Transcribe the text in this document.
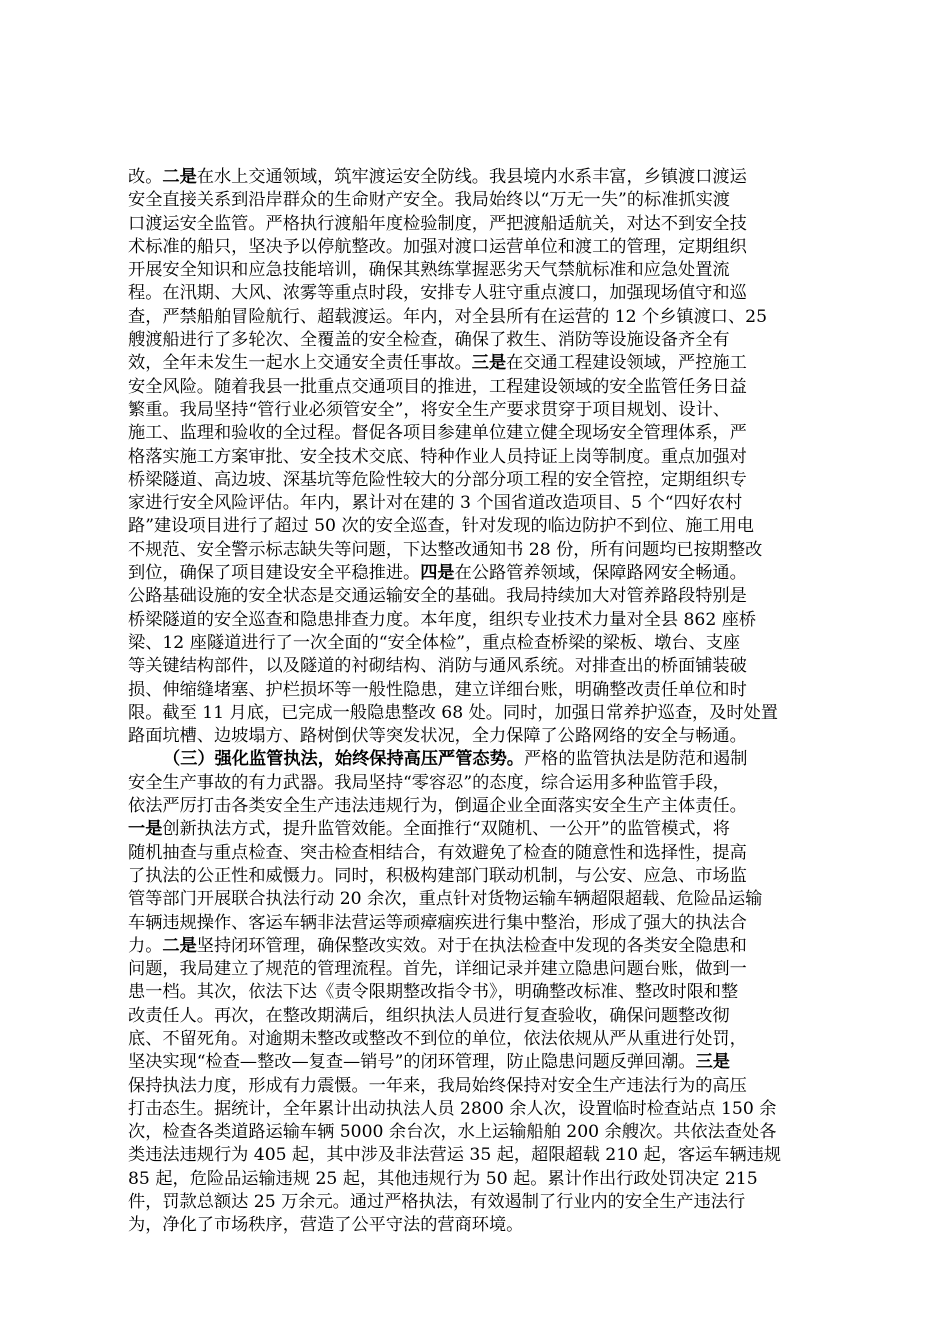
改。二是在水上交通领域，筑牢渡运安全防线。我县境内水系丰富，乡镇渡口渡运
安全直接关系到沿岸群众的生命财产安全。我局始终以“万无一失”的标准抓实渡
口渡运安全监管。严格执行渡船年度检验制度，严把渡船适航关，对达不到安全技
术标准的船只，坚决予以停航整改。加强对渡口运营单位和渡工的管理，定期组织
开展安全知识和应急技能培训，确保其熟练掌握恶劣天气禁航标准和应急处置流
程。在汛期、大风、浓雾等重点时段，安排专人驻守重点渡口，加强现场值守和巡
查，严禁船舶冒险航行、超载渡运。年内，对全县所有在运营的 12 个乡镇渡口、25
艘渡船进行了多轮次、全覆盖的安全检查，确保了救生、消防等设施设备齐全有
效，全年未发生一起水上交通安全责任事故。三是在交通工程建设领域，严控施工
安全风险。随着我县一批重点交通项目的推进，工程建设领域的安全监管任务日益
繁重。我局坚持“管行业必须管安全”，将安全生产要求贯穿于项目规划、设计、
施工、监理和验收的全过程。督促各项目参建单位建立健全现场安全管理体系，严
格落实施工方案审批、安全技术交底、特种作业人员持证上岗等制度。重点加强对
桥梁隧道、高边坡、深基坑等危险性较大的分部分项工程的安全管控，定期组织专
家进行安全风险评估。年内，累计对在建的 3 个国省道改造项目、5 个“四好农村
路”建设项目进行了超过 50 次的安全巡查，针对发现的临边防护不到位、施工用电
不规范、安全警示标志缺失等问题，下达整改通知书 28 份，所有问题均已按期整改
到位，确保了项目建设安全平稳推进。四是在公路管养领域，保障路网安全畅通。
公路基础设施的安全状态是交通运输安全的基础。我局持续加大对管养路段特别是
桥梁隧道的安全巡查和隐患排查力度。本年度，组织专业技术力量对全县 862 座桥
梁、12 座隧道进行了一次全面的“安全体检”，重点检查桥梁的梁板、墩台、支座
等关键结构部件，以及隧道的衬砌结构、消防与通风系统。对排查出的桥面铺装破
损、伸缩缝堵塞、护栏损坏等一般性隐患，建立详细台账，明确整改责任单位和时
限。截至 11 月底，已完成一般隐患整改 68 处。同时，加强日常养护巡查，及时处置
路面坑槽、边坡塌方、路树倒伏等突发状况，全力保障了公路网络的安全与畅通。
（三）强化监管执法，始终保持高压严管态势。严格的监管执法是防范和遏制
安全生产事故的有力武器。我局坚持“零容忍”的态度，综合运用多种监管手段，
依法严厉打击各类安全生产违法违规行为，倒逼企业全面落实安全生产主体责任。
一是创新执法方式，提升监管效能。全面推行“双随机、一公开”的监管模式，将
随机抽查与重点检查、突击检查相结合，有效避免了检查的随意性和选择性，提高
了执法的公正性和威慑力。同时，积极构建部门联动机制，与公安、应急、市场监
管等部门开展联合执法行动 20 余次，重点针对货物运输车辆超限超载、危险品运输
车辆违规操作、客运车辆非法营运等顽瘴痼疾进行集中整治，形成了强大的执法合
力。二是坚持闭环管理，确保整改实效。对于在执法检查中发现的各类安全隐患和
问题，我局建立了规范的管理流程。首先，详细记录并建立隐患问题台账，做到一
患一档。其次，依法下达《责令限期整改指令书》，明确整改标准、整改时限和整
改责任人。再次，在整改期满后，组织执法人员进行复查验收，确保问题整改彻
底、不留死角。对逾期未整改或整改不到位的单位，依法依规从严从重进行处罚，
坚决实现“检查—整改—复查—销号”的闭环管理，防止隐患问题反弹回潮。三是
保持执法力度，形成有力震慑。一年来，我局始终保持对安全生产违法行为的高压
打击态生。据统计，全年累计出动执法人员 2800 余人次，设置临时检查站点 150 余
次，检查各类道路运输车辆 5000 余台次，水上运输船舶 200 余艘次。共依法查处各
类违法违规行为 405 起，其中涉及非法营运 35 起，超限超载 210 起，客运车辆违规
85 起，危险品运输违规 25 起，其他违规行为 50 起。累计作出行政处罚决定 215
件，罚款总额达 25 万余元。通过严格执法，有效遏制了行业内的安全生产违法行
为，净化了市场秩序，营造了公平守法的营商环境。
